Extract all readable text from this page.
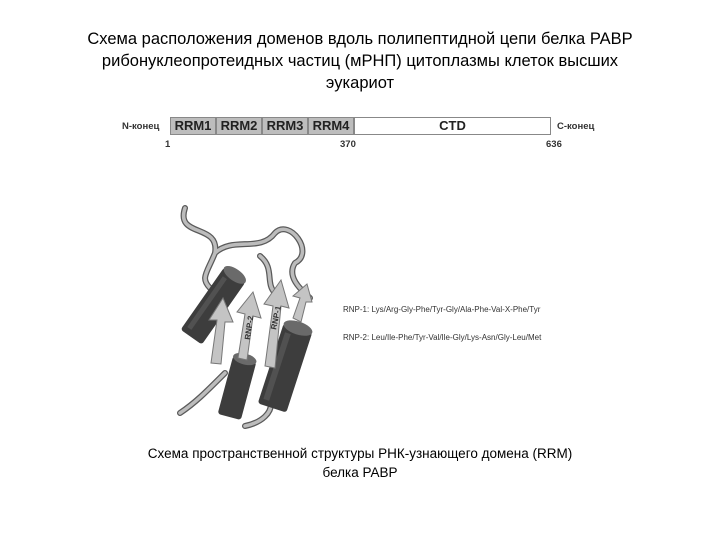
Схема расположения доменов вдоль полипептидной цепи белка PABP
рибонуклеопротеидных частиц (мРНП) цитоплазмы клеток высших
эукариот
N-конец	RRM1 RRM2 RRM3 RRM4	CTD	C-конец
1	370	636
RNP-2 RNP-1	RNP-1: Lys/Arg-Gly-Phe/Tyr-Gly/Ala-Phe-Val-X-Phe/Tyr
RNP-2: Leu/Ile-Phe/Tyr-Val/Ile-Gly/Lys-Asn/Gly-Leu/Met
Схема пространственной структуры РНК-узнающего домена (RRM)
белка PABP
